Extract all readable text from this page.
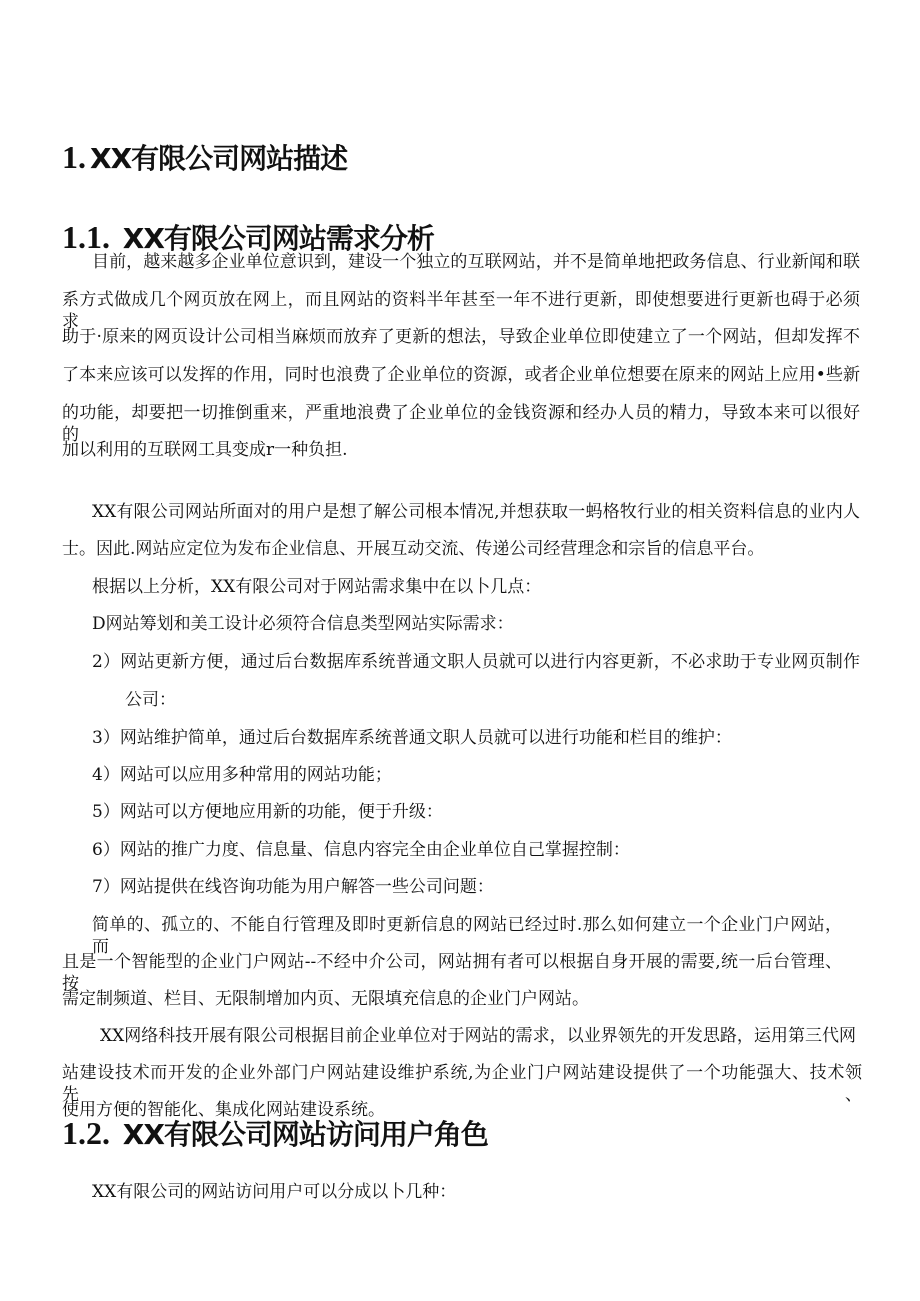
1. XX有限公司网站描述
1.1. XX有限公司网站需求分析
目前，越来越多企业单位意识到，建设一个独立的互联网站，并不是简单地把政务信息、行业新闻和联
系方式做成几个网页放在网上，而且网站的资料半年甚至一年不进行更新，即使想要进行更新也碍于必须求
助于·原来的网页设计公司相当麻烦而放弃了更新的想法，导致企业单位即使建立了一个网站，但却发挥不
了本来应该可以发挥的作用，同时也浪费了企业单位的资源，或者企业单位想要在原来的网站上应用•些新
的功能，却要把一切推倒重来，严重地浪费了企业单位的金钱资源和经办人员的精力，导致本来可以很好的
加以利用的互联网工具变成r一种负担.
XX有限公司网站所面对的用户是想了解公司根本情况,并想获取一蚂格牧行业的相关资料信息的业内人
士。因此.网站应定位为发布企业信息、开展互动交流、传递公司经营理念和宗旨的信息平台。
根据以上分析，XX有限公司对于网站需求集中在以卜几点：
D网站筹划和美工设计必须符合信息类型网站实际需求：
2）网站更新方便，通过后台数据库系统普通文职人员就可以进行内容更新，不必求助于专业网页制作
公司：
3）网站维护简单，通过后台数据库系统普通文职人员就可以进行功能和栏目的维护：
4）网站可以应用多种常用的网站功能；
5）网站可以方便地应用新的功能，便于升级：
6）网站的推广力度、信息量、信息内容完全由企业单位自己掌握控制：
7）网站提供在线咨询功能为用户解答一些公司问题：
简单的、孤立的、不能自行管理及即时更新信息的网站已经过时.那么如何建立一个企业门户网站，而
且是一个智能型的企业门户网站--不经中介公司，网站拥有者可以根据自身开展的需要,统一后台管理、按
需定制频道、栏目、无限制增加内页、无限填充信息的企业门户网站。
XX网络科技开展有限公司根据目前企业单位对于网站的需求，以业界领先的开发思路，运用第三代网
站建设技术而开发的企业外部门户网站建设维护系统,为企业门户网站建设提供了一个功能强大、技术领先、
使用方便的智能化、集成化网站建设系统。
1.2. XX有限公司网站访问用户角色
XX有限公司的网站访问用户可以分成以卜几种：
